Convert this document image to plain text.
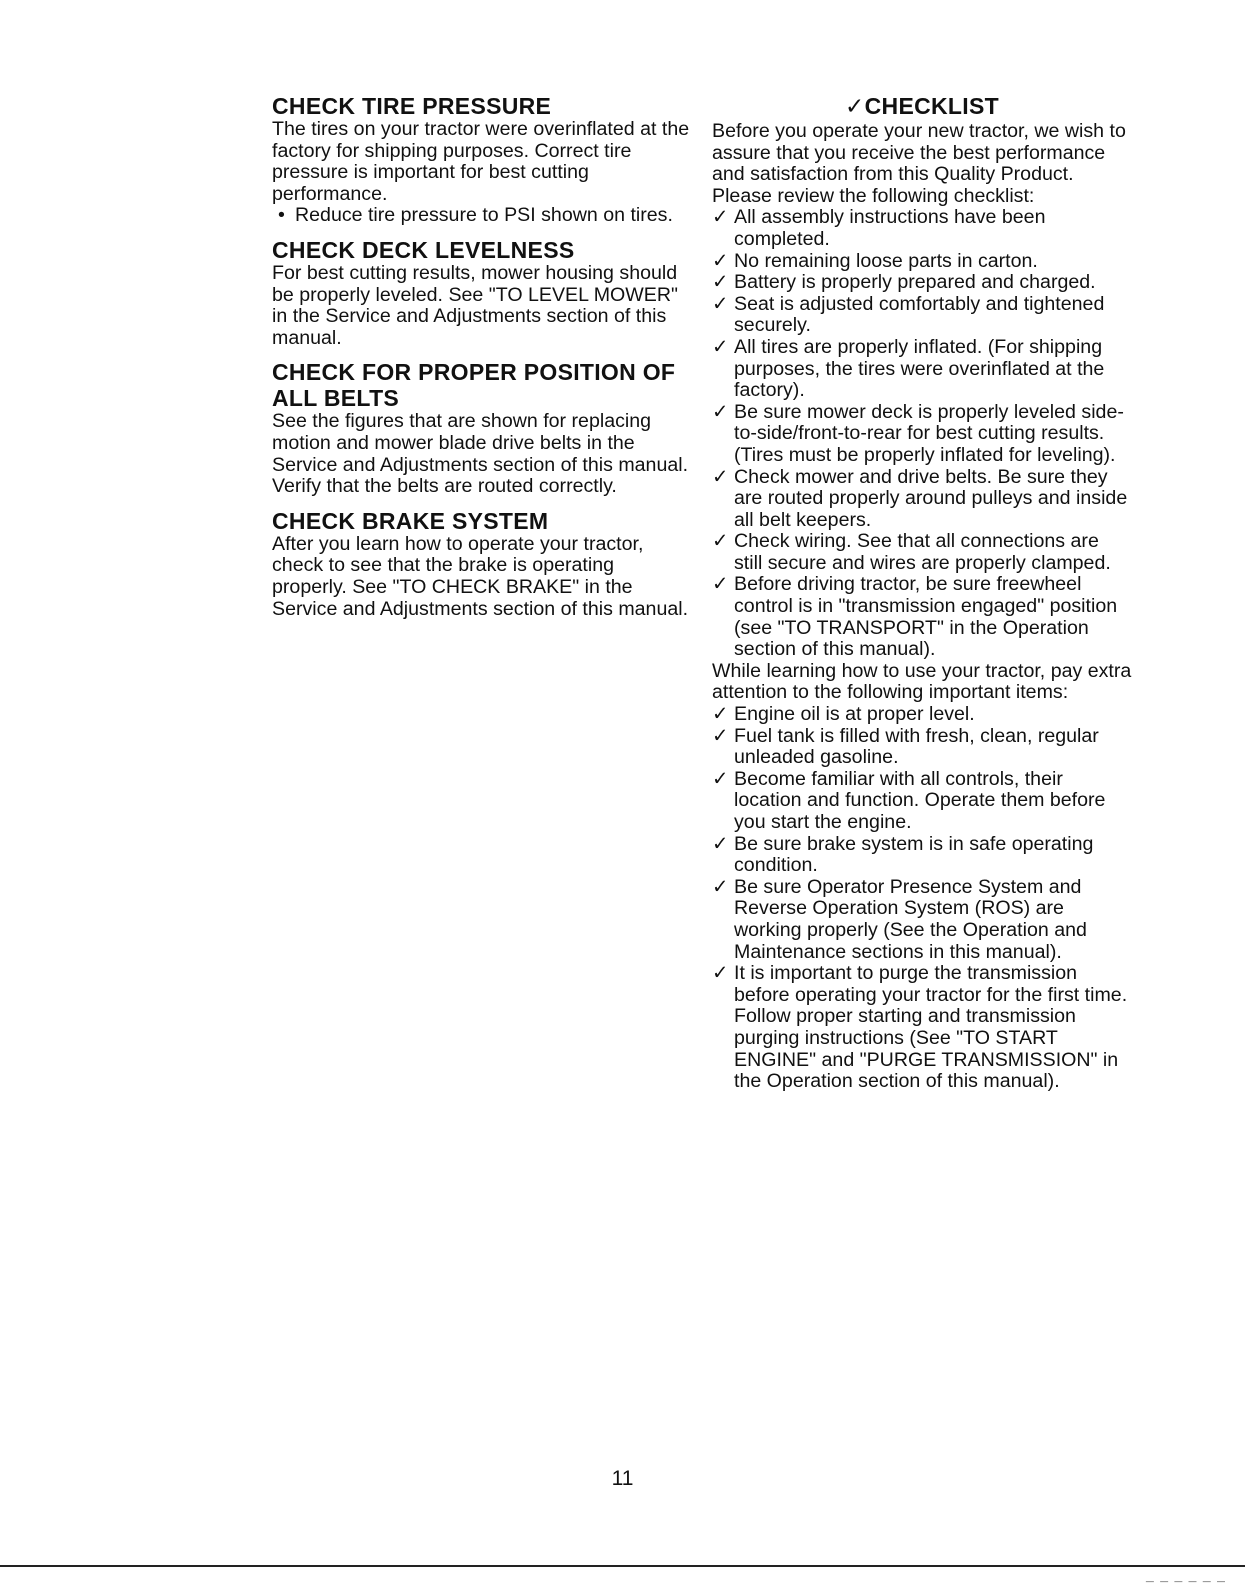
CHECK TIRE PRESSURE

The tires on your tractor were overinflated at the factory for shipping purposes. Correct tire pressure is important for best cutting performance.

• Reduce tire pressure to PSI shown on tires.
CHECK DECK LEVELNESS

For best cutting results, mower housing should be properly leveled. See "TO LEVEL MOWER" in the Service and Adjustments section of this manual.

CHECK FOR PROPER POSITION OF ALL BELTS

See the figures that are shown for replacing motion and mower blade drive belts in the Service and Adjustments section of this manual. Verify that the belts are routed correctly.

CHECK BRAKE SYSTEM

After you learn how to operate your tractor, check to see that the brake is operating properly. See "TO CHECK BRAKE" in the Service and Adjustments section of this manual.

✓CHECKLIST

Before you operate your new tractor, we wish to assure that you receive the best performance and satisfaction from this Quality Product.

Please review the following checklist:

✓ All assembly instructions have been completed.
✓ No remaining loose parts in carton.
✓ Battery is properly prepared and charged.
✓ Seat is adjusted comfortably and tightened securely.
✓ All tires are properly inflated. (For shipping purposes, the tires were overinflated at the factory).
✓ Be sure mower deck is properly leveled side-to-side/front-to-rear for best cutting results. (Tires must be properly inflated for leveling).
✓ Check mower and drive belts. Be sure they are routed properly around pulleys and inside all belt keepers.
✓ Check wiring. See that all connections are still secure and wires are properly clamped.
✓ Before driving tractor, be sure freewheel control is in "transmission engaged" position (see "TO TRANSPORT" in the Operation section of this manual).

While learning how to use your tractor, pay extra attention to the following important items:

✓ Engine oil is at proper level.
✓ Fuel tank is filled with fresh, clean, regular unleaded gasoline.
✓ Become familiar with all controls, their location and function. Operate them before you start the engine.
✓ Be sure brake system is in safe operating condition.
✓ Be sure Operator Presence System and Reverse Operation System (ROS) are working properly (See the Operation and Maintenance sections in this manual).
✓ It is important to purge the transmission before operating your tractor for the first time. Follow proper starting and transmission purging instructions (See "TO START ENGINE" and "PURGE TRANSMISSION" in the Operation section of this manual).
11
— — — — — —
